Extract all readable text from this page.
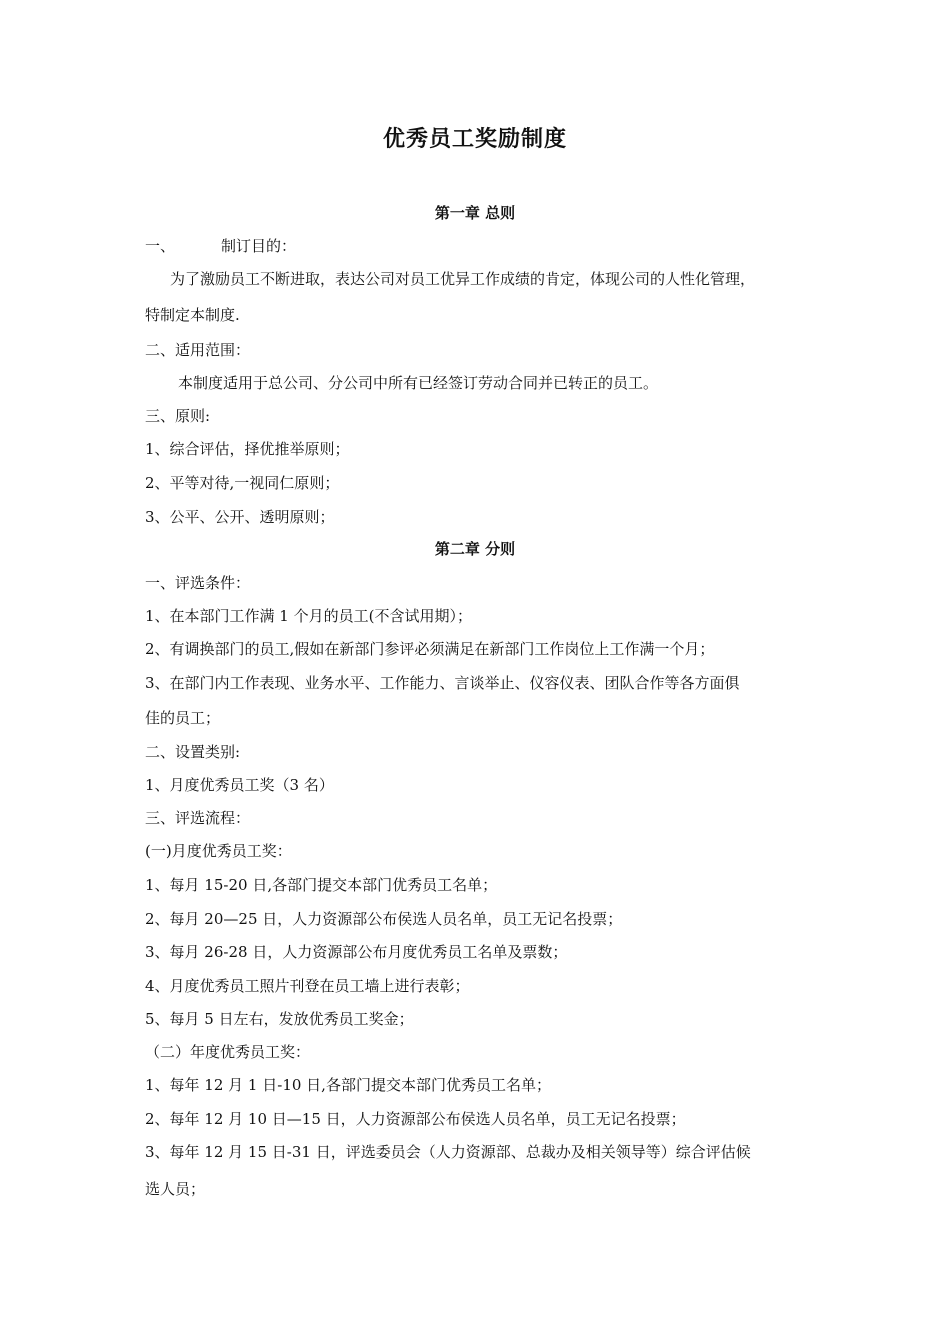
优秀员工奖励制度
第一章 总则
一、	制订目的：
为了激励员工不断进取，表达公司对员工优异工作成绩的肯定，体现公司的人性化管理，
特制定本制度.
二、适用范围：
本制度适用于总公司、分公司中所有已经签订劳动合同并已转正的员工。
三、原则:
1、综合评估，择优推举原则；
2、平等对待,一视同仁原则；
3、公平、公开、透明原则；
第二章 分则
一、评选条件：
1、在本部门工作满 1 个月的员工(不含试用期）；
2、有调换部门的员工,假如在新部门参评必须满足在新部门工作岗位上工作满一个月；
3、在部门内工作表现、业务水平、工作能力、言谈举止、仪容仪表、团队合作等各方面俱
佳的员工；
二、设置类别:
1、月度优秀员工奖（3 名）
三、评选流程：
(一)月度优秀员工奖：
1、每月 15-20 日,各部门提交本部门优秀员工名单；
2、每月 20—25 日，人力资源部公布侯选人员名单，员工无记名投票；
3、每月 26-28 日，人力资源部公布月度优秀员工名单及票数；
4、月度优秀员工照片刊登在员工墙上进行表彰；
5、每月 5 日左右，发放优秀员工奖金；
（二）年度优秀员工奖：
1、每年 12 月 1 日-10 日,各部门提交本部门优秀员工名单；
2、每年 12 月 10 日—15 日，人力资源部公布侯选人员名单，员工无记名投票；
3、每年 12 月 15 日-31 日，评选委员会（人力资源部、总裁办及相关领导等）综合评估候
选人员；
